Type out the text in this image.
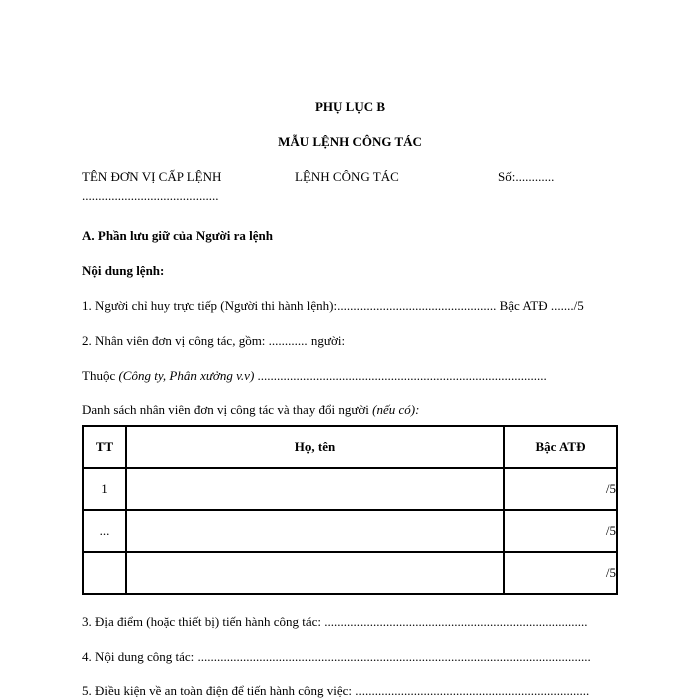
PHỤ LỤC B
MẪU LỆNH CÔNG TÁC
TÊN ĐƠN VỊ CẤP LỆNH	LỆNH CÔNG TÁC	Số:............
..........................................
A. Phần lưu giữ của Người ra lệnh
Nội dung lệnh:
1. Người chỉ huy trực tiếp (Người thi hành lệnh):................................................. Bậc ATĐ ......./5
2. Nhân viên đơn vị công tác, gồm: ............ người:
Thuộc (Công ty, Phân xưởng v.v) .........................................................................................
Danh sách nhân viên đơn vị công tác và thay đổi người (nếu có):
TT	Họ, tên	Bậc ATĐ
1		/5
...		/5
		/5
3. Địa điểm (hoặc thiết bị) tiến hành công tác: .................................................................................
4. Nội dung công tác: .........................................................................................................................
5. Điều kiện về an toàn điện để tiến hành công việc: ........................................................................
